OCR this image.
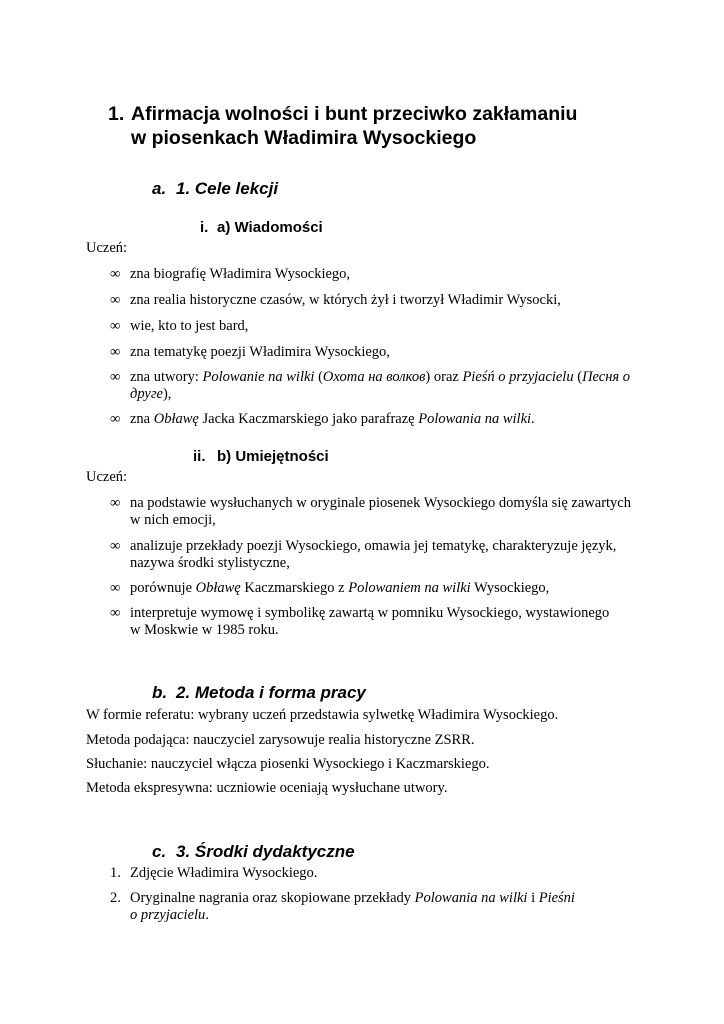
1. Afirmacja wolności i bunt przeciwko zakłamaniu
w piosenkach Władimira Wysockiego
a. 1. Cele lekcji
i. a) Wiadomości
Uczeń:
∞ zna biografię Władimira Wysockiego,
∞ zna realia historyczne czasów, w których żył i tworzył Władimir Wysocki,
∞ wie, kto to jest bard,
∞ zna tematykę poezji Władimira Wysockiego,
∞ zna utwory: Polowanie na wilki (Охота на волков) oraz Pieśń o przyjacielu (Песня о
друге),
∞ zna Obławę Jacka Kaczmarskiego jako parafrazę Polowania na wilki.
ii. b) Umiejętności
Uczeń:
∞ na podstawie wysłuchanych w oryginale piosenek Wysockiego domyśla się zawartych
w nich emocji,
∞ analizuje przekłady poezji Wysockiego, omawia jej tematykę, charakteryzuje język,
nazywa środki stylistyczne,
∞ porównuje Obławę Kaczmarskiego z Polowaniem na wilki Wysockiego,
∞ interpretuje wymowę i symbolikę zawartą w pomniku Wysockiego, wystawionego
w Moskwie w 1985 roku.
b. 2. Metoda i forma pracy
W formie referatu: wybrany uczeń przedstawia sylwetkę Władimira Wysockiego.
Metoda podająca: nauczyciel zarysowuje realia historyczne ZSRR.
Słuchanie: nauczyciel włącza piosenki Wysockiego i Kaczmarskiego.
Metoda ekspresywna: uczniowie oceniają wysłuchane utwory.
c. 3. Środki dydaktyczne
1. Zdjęcie Władimira Wysockiego.
2. Oryginalne nagrania oraz skopiowane przekłady Polowania na wilki i Pieśni
o przyjacielu.
